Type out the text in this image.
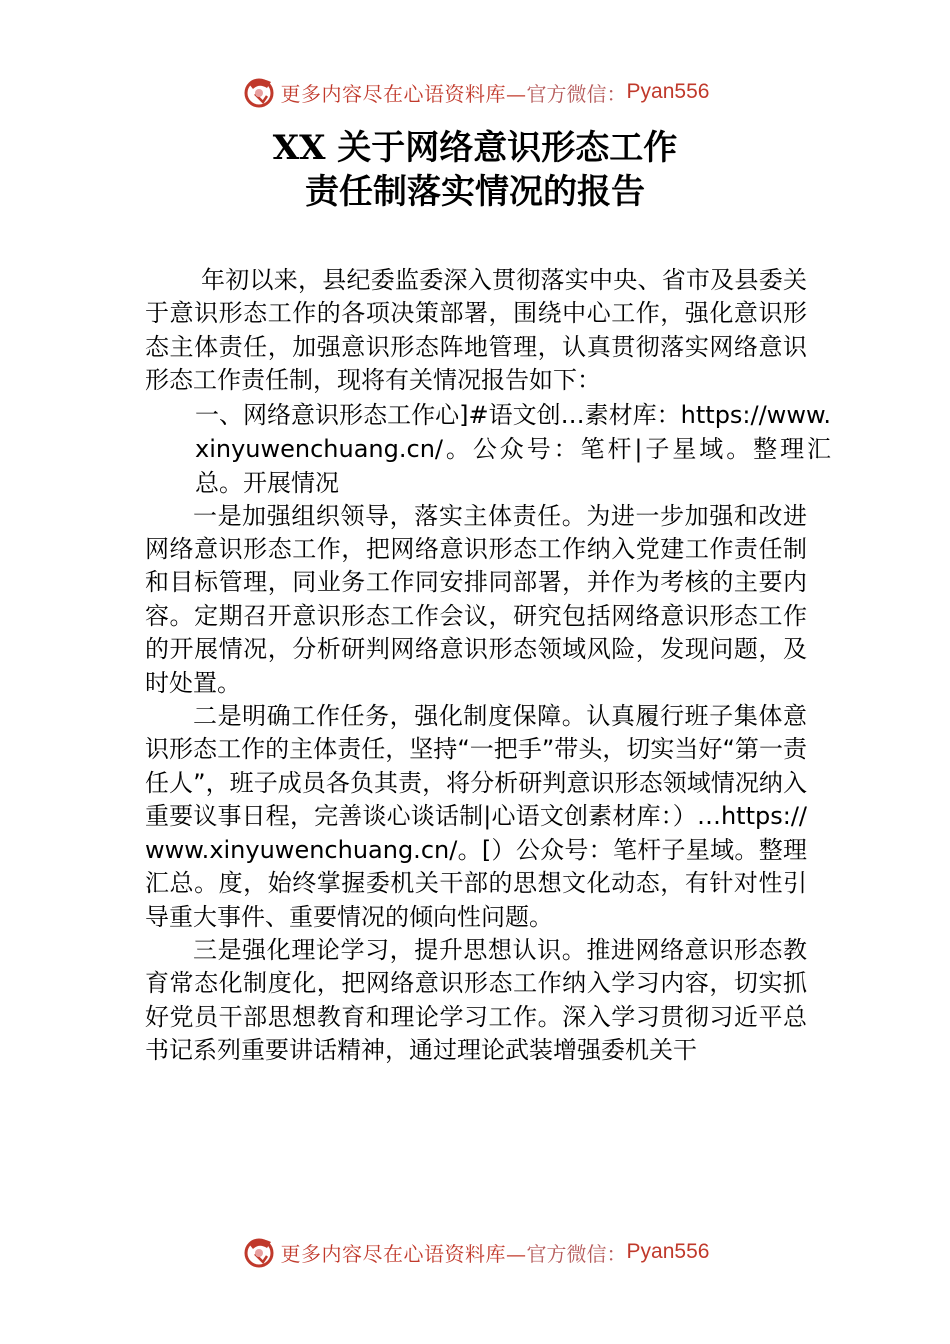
更多内容尽在心语资料库— 官方微信： Pyan556
XX 关于网络意识形态工作
责任制落实情况的报告

年初以来，县纪委监委深入贯彻落实中央、省市及县委关于意识形态工作的各项决策部署，围绕中心工作，强化意识形态主体责任，加强意识形态阵地管理，认真贯彻落实网络意识形态工作责任制，现将有关情况报告如下：

一、网络意识形态工作心]#语文创…素材库：https://www.xinyuwenchuang.cn/。公众号：笔杆|子星域。整理汇总。开展情况

一是加强组织领导，落实主体责任。为进一步加强和改进网络意识形态工作，把网络意识形态工作纳入党建工作责任制和目标管理，同业务工作同安排同部署，并作为考核的主要内容。定期召开意识形态工作会议，研究包括网络意识形态工作的开展情况，分析研判网络意识形态领域风险，发现问题，及时处置。

二是明确工作任务，强化制度保障。认真履行班子集体意识形态工作的主体责任，坚持“一把手”带头，切实当好“第一责任人”，班子成员各负其责，将分析研判意识形态领域情况纳入重要议事日程，完善谈心谈话制|心语文创素材库：）…https://www.xinyuwenchuang.cn/。[）公众号：笔杆子星域。整理汇总。度，始终掌握委机关干部的思想文化动态，有针对性引导重大事件、重要情况的倾向性问题。

三是强化理论学习，提升思想认识。推进网络意识形态教育常态化制度化，把网络意识形态工作纳入学习内容，切实抓好党员干部思想教育和理论学习工作。深入学习贯彻习近平总书记系列重要讲话精神，通过理论武装增强委机关干

更多内容尽在心语资料库— 官方微信： Pyan556
